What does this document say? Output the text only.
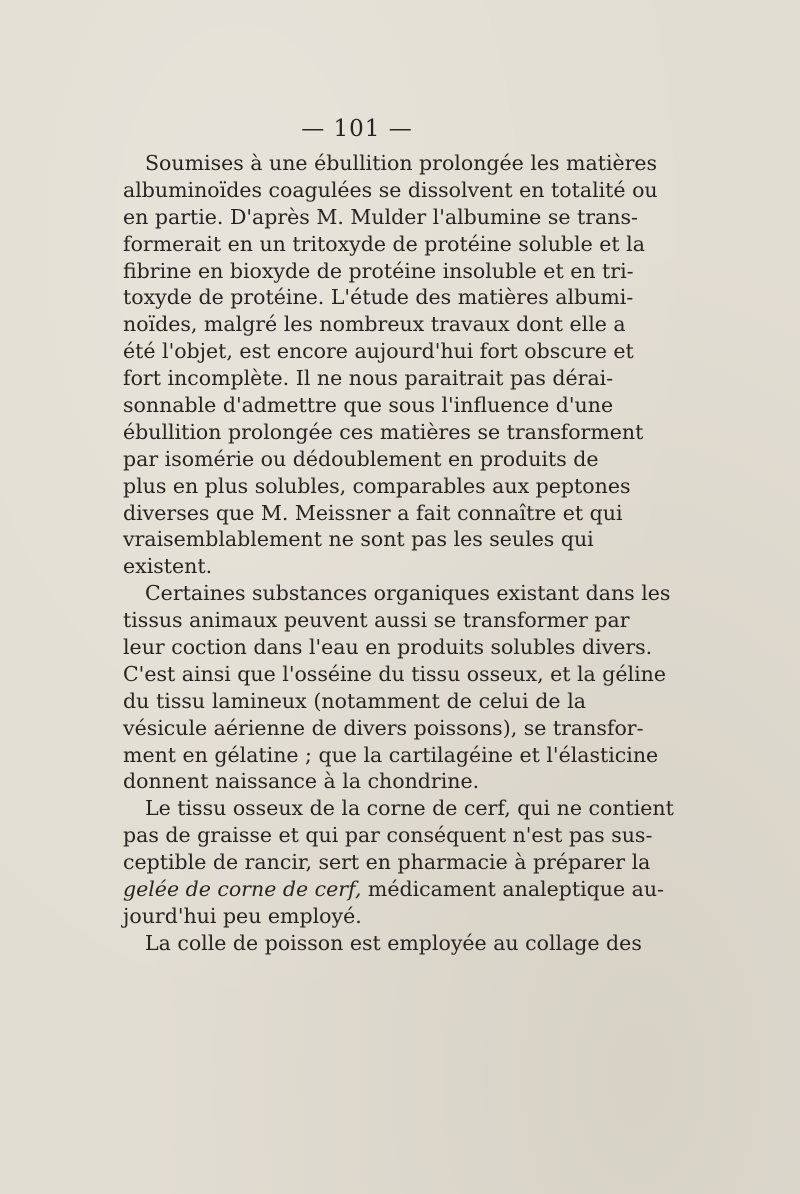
— 101 —
Soumises à une ébullition prolongée les matières
albuminoïdes coagulées se dissolvent en totalité ou
en partie. D'après M. Mulder l'albumine se trans-
formerait en un tritoxyde de protéine soluble et la
fibrine en bioxyde de protéine insoluble et en tri-
toxyde de protéine. L'étude des matières albumi-
noïdes, malgré les nombreux travaux dont elle a
été l'objet, est encore aujourd'hui fort obscure et
fort incomplète. Il ne nous paraitrait pas dérai-
sonnable d'admettre que sous l'influence d'une
ébullition prolongée ces matières se transforment
par isomérie ou dédoublement en produits de
plus en plus solubles, comparables aux peptones
diverses que M. Meissner a fait connaître et qui
vraisemblablement ne sont pas les seules qui
existent.
Certaines substances organiques existant dans les
tissus animaux peuvent aussi se transformer par
leur coction dans l'eau en produits solubles divers.
C'est ainsi que l'osséine du tissu osseux, et la géline
du tissu lamineux (notamment de celui de la
vésicule aérienne de divers poissons), se transfor-
ment en gélatine ; que la cartilagéine et l'élasticine
donnent naissance à la chondrine.
Le tissu osseux de la corne de cerf, qui ne contient
pas de graisse et qui par conséquent n'est pas sus-
ceptible de rancir, sert en pharmacie à préparer la
gelée de corne de cerf, médicament analeptique au-
jourd'hui peu employé.
La colle de poisson est employée au collage des
